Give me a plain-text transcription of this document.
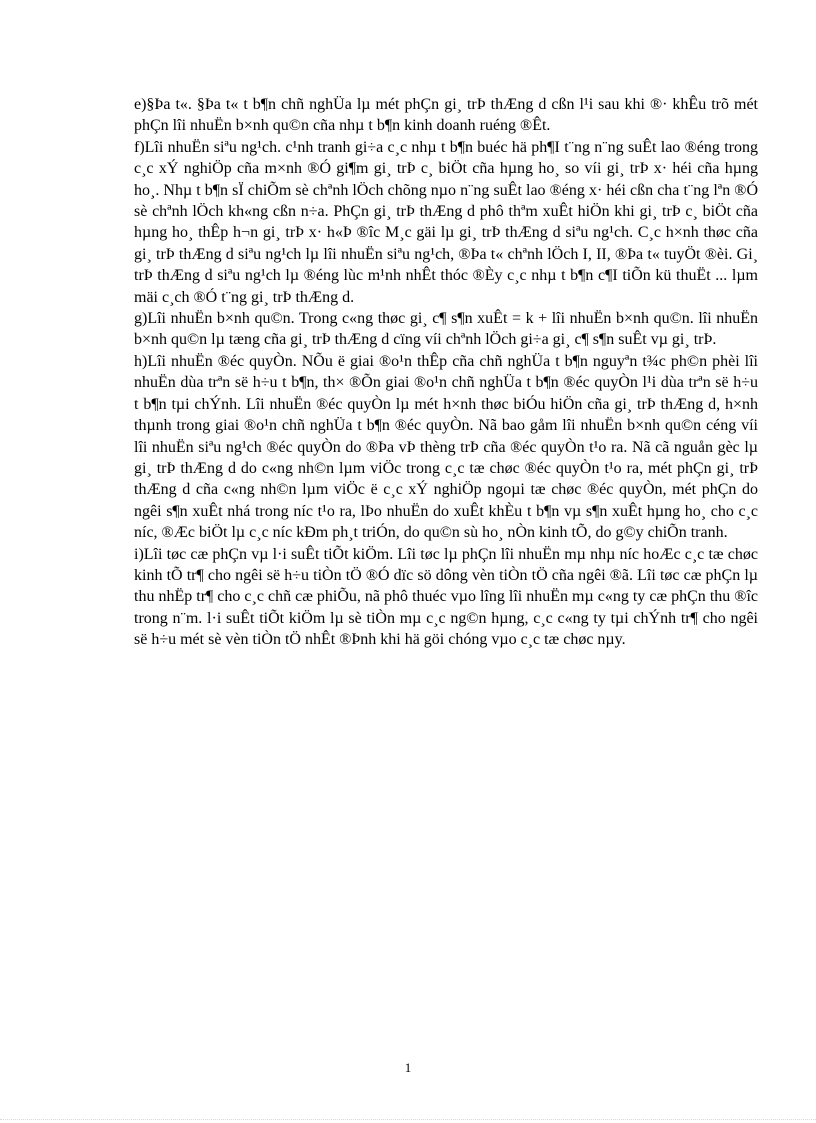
e)§Þa t«. §Þa t« t b¶n chñ nghÜa lµ mét phÇn gi¸ trÞ thÆng d cßn l¹i sau khi ®· khÊu trõ mét phÇn lîi nhuËn b×nh qu©n cña nhµ t b¶n kinh doanh ruéng ®Êt.

f)Lîi nhuËn siªu ng¹ch. c¹nh tranh gi÷a c¸c nhµ t b¶n buéc hä ph¶I t¨ng n¨ng suÊt lao ®éng trong c¸c xÝ nghiÖp cña m×nh ®Ó gi¶m gi¸ trÞ c¸ biÖt cña hµng ho¸ so víi gi¸ trÞ x· héi cña hµng ho¸. Nhµ t b¶n sÏ chiÕm sè chªnh lÖch chõng nµo n¨ng suÊt lao ®éng x· héi cßn cha t¨ng lªn ®Ó sè chªnh lÖch kh«ng cßn n÷a. PhÇn gi¸ trÞ thÆng d phô thªm xuÊt hiÖn khi gi¸ trÞ c¸ biÖt cña hµng ho¸ thÊp h¬n gi¸ trÞ x· h«Þ ®îc M¸c gäi lµ gi¸ trÞ thÆng d siªu ng¹ch. C¸c h×nh thøc cña gi¸ trÞ thÆng d siªu ng¹ch lµ lîi nhuËn siªu ng¹ch, ®Þa t« chªnh lÖch I, II, ®Þa t« tuyÖt ®èi. Gi¸ trÞ thÆng d siªu ng¹ch lµ ®éng lùc m¹nh nhÊt thóc ®Èy c¸c nhµ t b¶n c¶I tiÕn kü thuËt ... lµm mäi c¸ch ®Ó t¨ng gi¸ trÞ thÆng d.

g)Lîi nhuËn b×nh qu©n. Trong c«ng thøc gi¸ c¶ s¶n xuÊt = k + lîi nhuËn b×nh qu©n. lîi nhuËn b×nh qu©n lµ tæng cña gi¸ trÞ thÆng d cïng víi chªnh lÖch gi÷a gi¸ c¶ s¶n suÊt vµ gi¸ trÞ.

h)Lîi nhuËn ®éc quyÒn. NÕu ë giai ®o¹n thÊp cña chñ nghÜa t b¶n nguyªn t¾c ph©n phèi lîi nhuËn dùa trªn së h÷u t b¶n, th× ®Õn giai ®o¹n chñ nghÜa t b¶n ®éc quyÒn l¹i dùa trªn së h÷u t b¶n tµi chÝnh. Lîi nhuËn ®éc quyÒn lµ mét h×nh thøc biÓu hiÖn cña gi¸ trÞ thÆng d, h×nh thµnh trong giai ®o¹n chñ nghÜa t b¶n ®éc quyÒn. Nã bao gåm lîi nhuËn b×nh qu©n céng víi lîi nhuËn siªu ng¹ch ®éc quyÒn do ®Þa vÞ thèng trÞ cña ®éc quyÒn t¹o ra. Nã cã nguån gèc lµ gi¸ trÞ thÆng d do c«ng nh©n lµm viÖc trong c¸c tæ chøc ®éc quyÒn t¹o ra, mét phÇn gi¸ trÞ thÆng d cña c«ng nh©n lµm viÖc ë c¸c xÝ nghiÖp ngoµi tæ chøc ®éc quyÒn, mét phÇn do ngêi s¶n xuÊt nhá trong níc t¹o ra, lÞo nhuËn do xuÊt khÈu t b¶n vµ s¶n xuÊt hµng ho¸ cho c¸c níc, ®Æc biÖt lµ c¸c níc kÐm ph¸t triÓn, do qu©n sù ho¸ nÒn kinh tÕ, do g©y chiÕn tranh.

i)Lîi tøc cæ phÇn vµ l·i suÊt tiÕt kiÖm. Lîi tøc lµ phÇn lîi nhuËn mµ nhµ níc hoÆc c¸c tæ chøc kinh tÕ tr¶ cho ngêi së h÷u tiÒn tÖ ®Ó dïc sö dông vèn tiÒn tÖ cña ngêi ®ã. Lîi tøc cæ phÇn lµ thu nhËp tr¶ cho c¸c chñ cæ phiÕu, nã phô thuéc vµo lîng lîi nhuËn mµ c«ng ty cæ phÇn thu ®îc trong n¨m. l·i suÊt tiÕt kiÖm lµ sè tiÒn mµ c¸c ng©n hµng, c¸c c«ng ty tµi chÝnh tr¶ cho ngêi së h÷u mét sè vèn tiÒn tÖ nhÊt ®Þnh khi hä göi chóng vµo c¸c tæ chøc nµy.

1
